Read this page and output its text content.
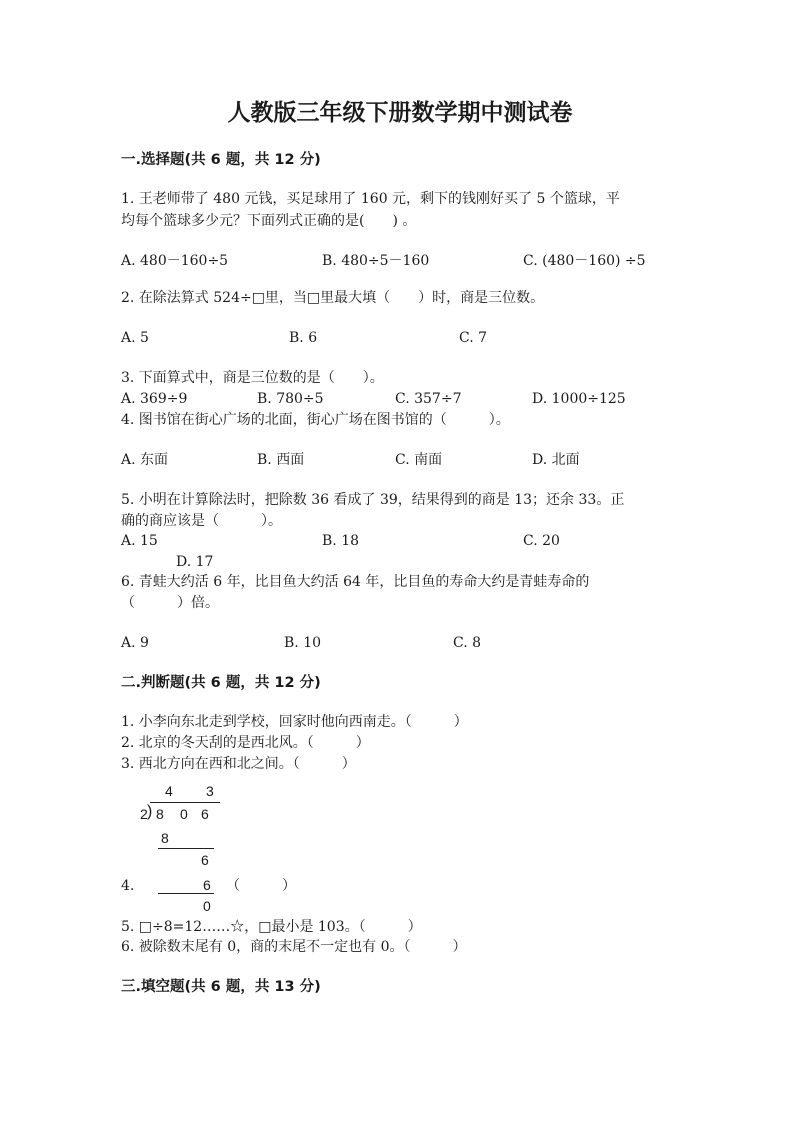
人教版三年级下册数学期中测试卷
一.选择题(共 6 题，共 12 分)
1. 王老师带了 480 元钱，买足球用了 160 元，剩下的钱刚好买了 5 个篮球，平
均每个篮球多少元？下面列式正确的是(　　) 。
A. 480－160÷5	B. 480÷5－160	C. (480－160) ÷5
2. 在除法算式 524÷□里，当□里最大填（　　）时，商是三位数。
A. 5	B. 6	C. 7
3. 下面算式中，商是三位数的是（　　）。
A. 369÷9	B. 780÷5	C. 357÷7	D. 1000÷125
4. 图书馆在街心广场的北面，街心广场在图书馆的（　　　）。
A. 东面	B. 西面	C. 南面	D. 北面
5. 小明在计算除法时，把除数 36 看成了 39，结果得到的商是 13；还余 33。正
确的商应该是（　　　）。
A. 15	B. 18	C. 20
D. 17
6. 青蛙大约活 6 年，比目鱼大约活 64 年，比目鱼的寿命大约是青蛙寿命的
（　　　）倍。
A. 9	B. 10	C. 8
二.判断题(共 6 题，共 12 分)
1. 小李向东北走到学校，回家时他向西南走。（　　　）
2. 北京的冬天刮的是西北风。（　　　）
3. 西北方向在西和北之间。（　　　）
4 3
2 ) 8 0 6
8
6
4.	6
0
（　　　）
5. □÷8=12……☆，□最小是 103。（　　　）
6. 被除数末尾有 0，商的末尾不一定也有 0。（　　　）
三.填空题(共 6 题，共 13 分)
